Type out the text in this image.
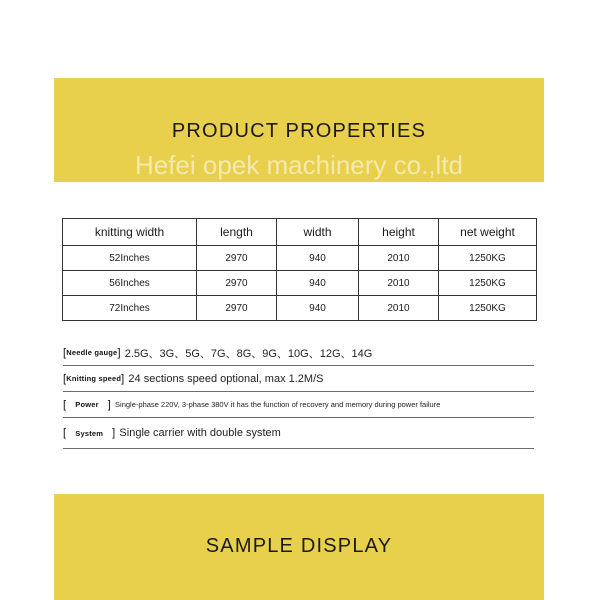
PRODUCT PROPERTIES
Hefei opek machinery co.,ltd
knitting width	length	width	height	net weight
52Inches	2970	940	2010	1250KG
56Inches	2970	940	2010	1250KG
72Inches	2970	940	2010	1250KG
[ Needle gauge ] 2.5G、3G、5G、7G、8G、9G、10G、12G、14G
[ Knitting speed ] 24 sections speed optional, max 1.2M/S
[ Power ] Single-phase 220V, 3-phase 380V it has the function of recovery and memory during power failure
[ System ] Single carrier with double system
SAMPLE DISPLAY
